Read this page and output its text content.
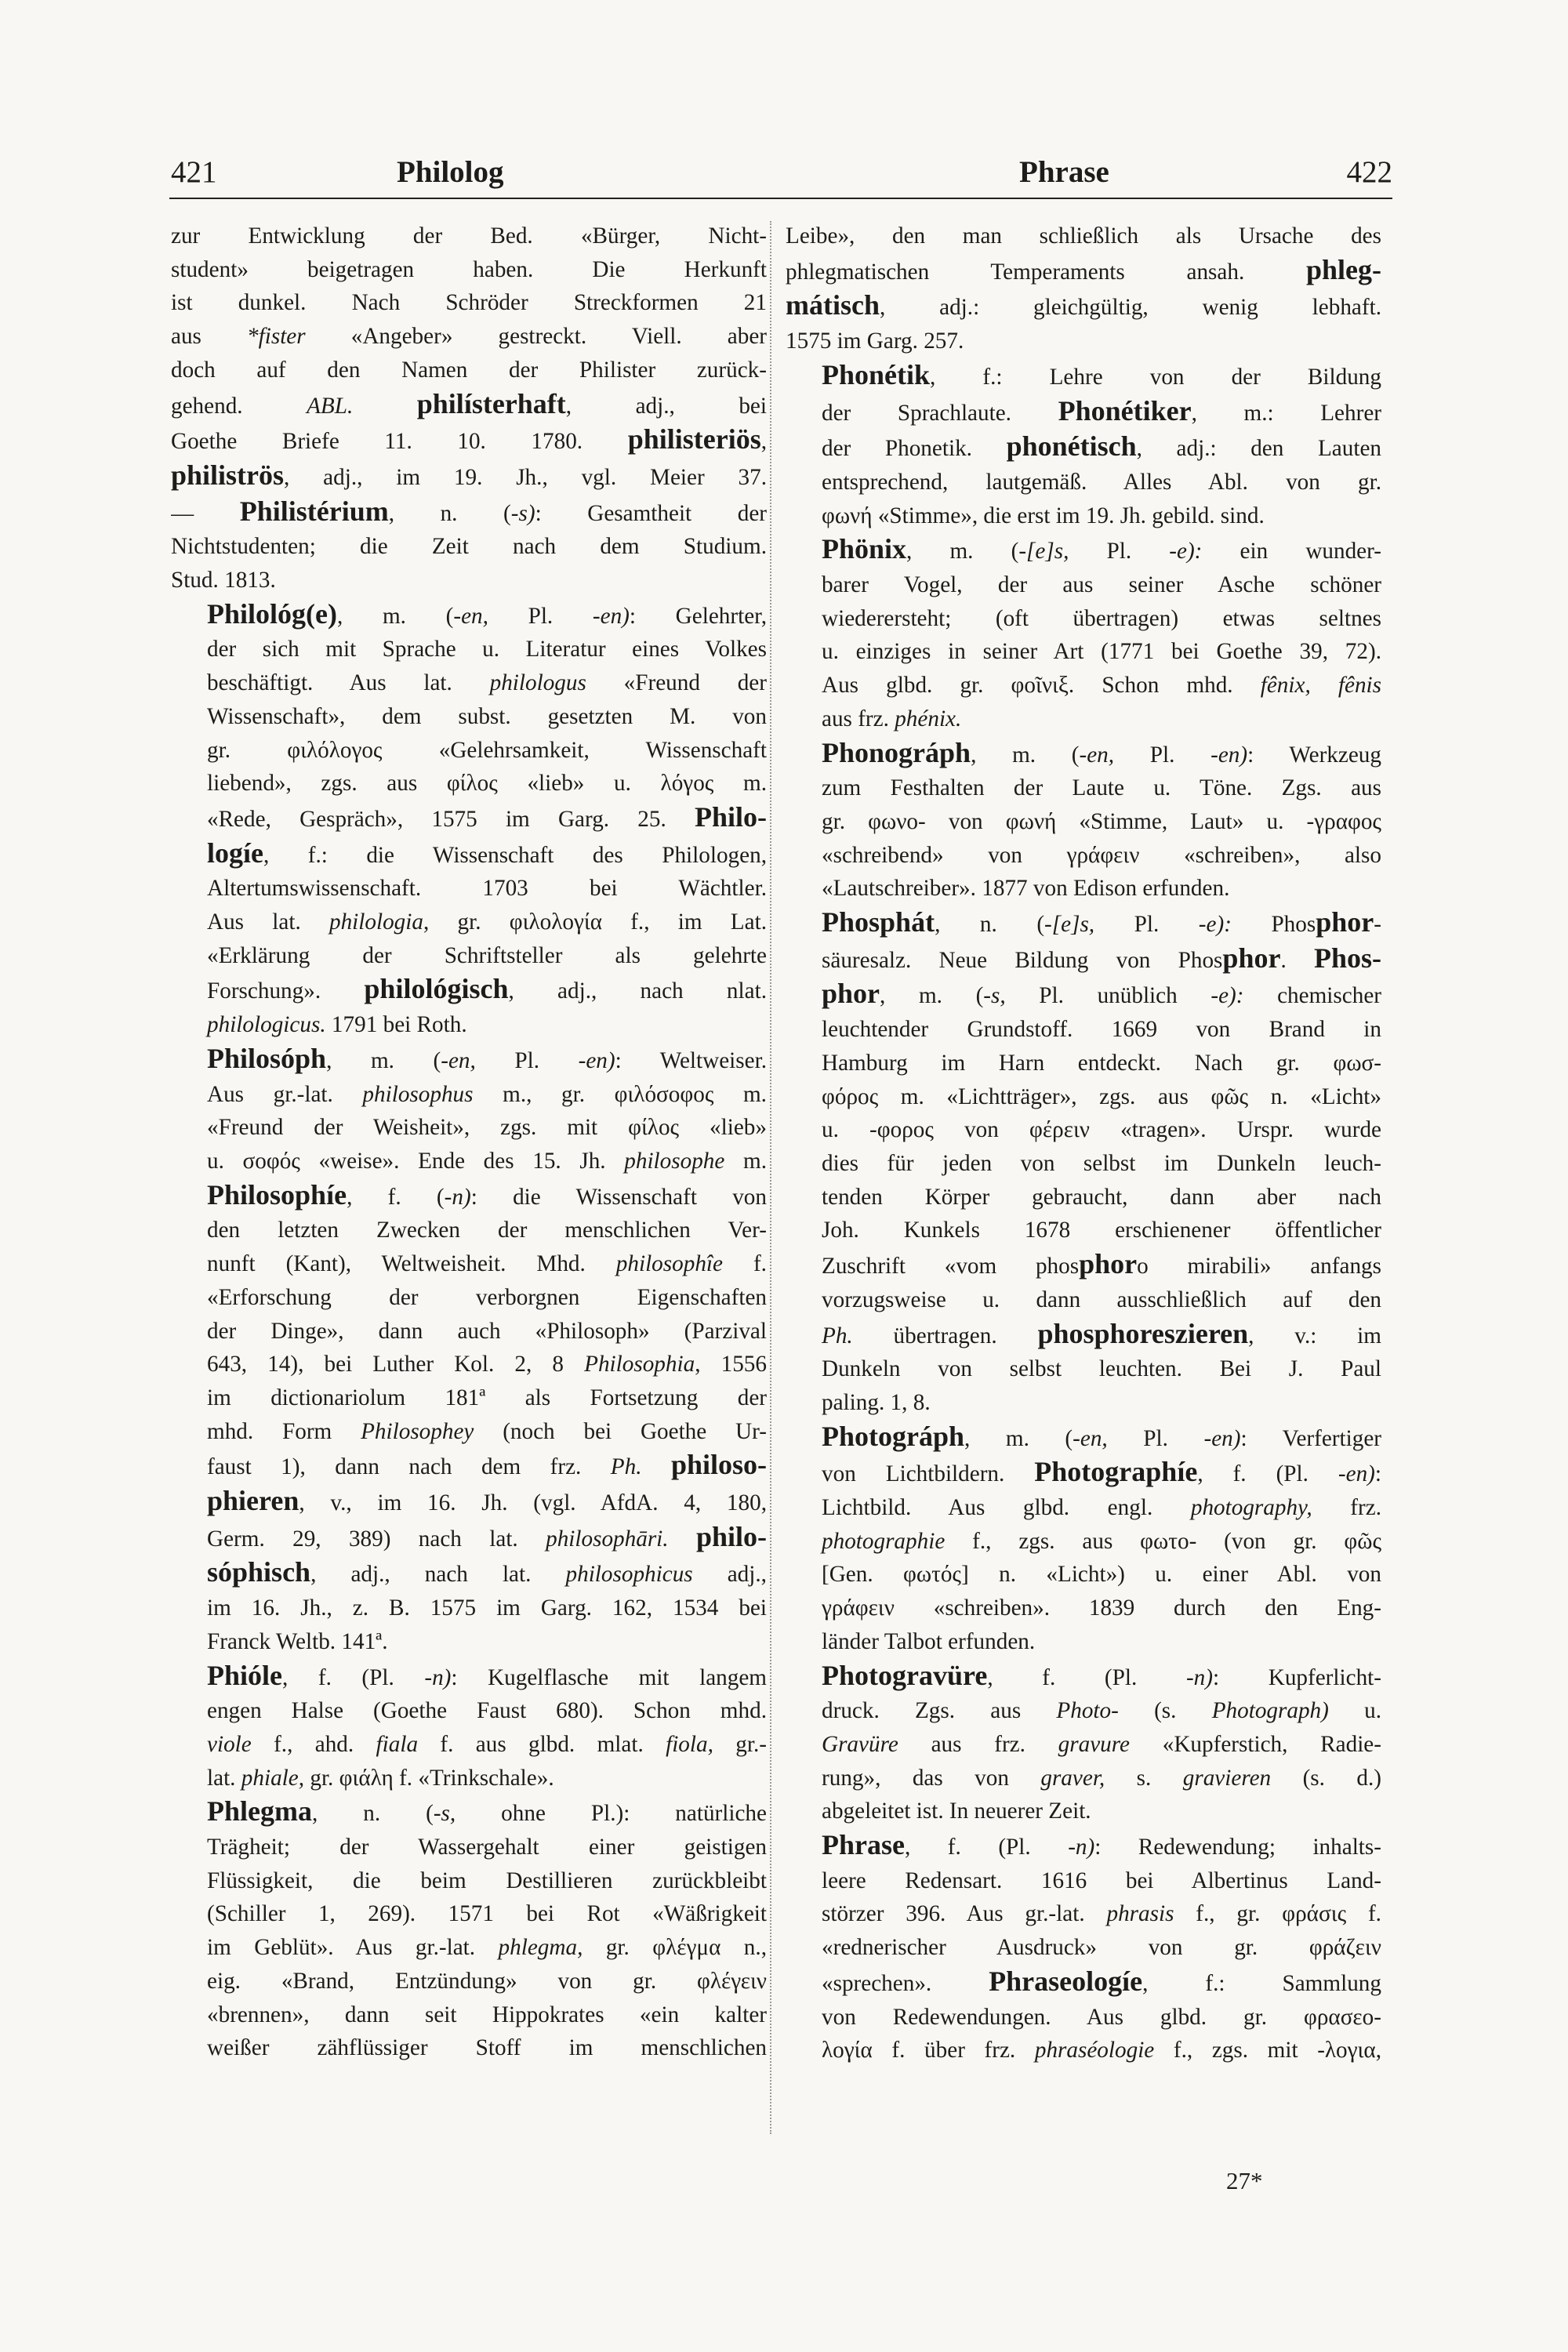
421	Philolog	Phrase	422

zur Entwicklung der Bed. «Bürger, Nicht-
student» beigetragen haben. Die Herkunft
ist dunkel. Nach Schröder Streckformen 21
aus *fister «Angeber» gestreckt. Viell. aber
doch auf den Namen der Philister zurück-
gehend. ABL. philísterhaft, adj., bei
Goethe Briefe 11. 10. 1780. philisteriös,
philiströs, adj., im 19. Jh., vgl. Meier 37.
— Philistérium, n. (-s): Gesamtheit der
Nichtstudenten; die Zeit nach dem Studium.
Stud. 1813.

Philológ(e), m. (-en, Pl. -en): Gelehrter,
der sich mit Sprache u. Literatur eines Volkes
beschäftigt. Aus lat. philologus «Freund der
Wissenschaft», dem subst. gesetzten M. von
gr. φιλόλογος «Gelehrsamkeit, Wissenschaft
liebend», zgs. aus φίλος «lieb» u. λόγος m.
«Rede, Gespräch», 1575 im Garg. 25. Philo-
logíe, f.: die Wissenschaft des Philologen,
Altertumswissenschaft. 1703 bei Wächtler.
Aus lat. philologia, gr. φιλολογία f., im Lat.
«Erklärung der Schriftsteller als gelehrte
Forschung». philológisch, adj., nach nlat.
philologicus. 1791 bei Roth.

Philosóph, m. (-en, Pl. -en): Weltweiser.
Aus gr.-lat. philosophus m., gr. φιλόσοφος m.
«Freund der Weisheit», zgs. mit φίλος «lieb»
u. σοφός «weise». Ende des 15. Jh. philosophe m.
Philosophíe, f. (-n): die Wissenschaft von
den letzten Zwecken der menschlichen Ver-
nunft (Kant), Weltweisheit. Mhd. philosophîe f.
«Erforschung der verborgnen Eigenschaften
der Dinge», dann auch «Philosoph» (Parzival
643, 14), bei Luther Kol. 2, 8 Philosophia, 1556
im dictionariolum 181ª als Fortsetzung der
mhd. Form Philosophey (noch bei Goethe Ur-
faust 1), dann nach dem frz. Ph. philoso-
phieren, v., im 16. Jh. (vgl. AfdA. 4, 180,
Germ. 29, 389) nach lat. philosophāri. philo-
sóphisch, adj., nach lat. philosophicus adj.,
im 16. Jh., z. B. 1575 im Garg. 162, 1534 bei
Franck Weltb. 141ª.

Phióle, f. (Pl. -n): Kugelflasche mit langem
engen Halse (Goethe Faust 680). Schon mhd.
viole f., ahd. fiala f. aus glbd. mlat. fiola, gr.-
lat. phiale, gr. φιάλη f. «Trinkschale».

Phlegma, n. (-s, ohne Pl.): natürliche
Trägheit; der Wassergehalt einer geistigen
Flüssigkeit, die beim Destillieren zurückbleibt
(Schiller 1, 269). 1571 bei Rot «Wäßrigkeit
im Geblüt». Aus gr.-lat. phlegma, gr. φλέγμα n.,
eig. «Brand, Entzündung» von gr. φλέγειν
«brennen», dann seit Hippokrates «ein kalter
weißer zähflüssiger Stoff im menschlichen

Leibe», den man schließlich als Ursache des
phlegmatischen Temperaments ansah. phleg-
mátisch, adj.: gleichgültig, wenig lebhaft.
1575 im Garg. 257.

Phonétik, f.: Lehre von der Bildung
der Sprachlaute. Phonétiker, m.: Lehrer
der Phonetik. phonétisch, adj.: den Lauten
entsprechend, lautgemäß. Alles Abl. von gr.
φωνή «Stimme», die erst im 19. Jh. gebild. sind.

Phönix, m. (-[e]s, Pl. -e): ein wunder-
barer Vogel, der aus seiner Asche schöner
wiederersteht; (oft übertragen) etwas seltnes
u. einziges in seiner Art (1771 bei Goethe 39, 72).
Aus glbd. gr. φοῖνιξ. Schon mhd. fênix, fênis
aus frz. phénix.

Phonográph, m. (-en, Pl. -en): Werkzeug
zum Festhalten der Laute u. Töne. Zgs. aus
gr. φωνο- von φωνή «Stimme, Laut» u. -γραφος
«schreibend» von γράφειν «schreiben», also
«Lautschreiber». 1877 von Edison erfunden.

Phosphát, n. (-[e]s, Pl. -e): Phosphor-
säuresalz. Neue Bildung von Phosphor. Phos-
phor, m. (-s, Pl. unüblich -e): chemischer
leuchtender Grundstoff. 1669 von Brand in
Hamburg im Harn entdeckt. Nach gr. φωσ-
φόρος m. «Lichtträger», zgs. aus φῶς n. «Licht»
u. -φορος von φέρειν «tragen». Urspr. wurde
dies für jeden von selbst im Dunkeln leuch-
tenden Körper gebraucht, dann aber nach
Joh. Kunkels 1678 erschienener öffentlicher
Zuschrift «vom phosphoro mirabili» anfangs
vorzugsweise u. dann ausschließlich auf den
Ph. übertragen. phosphoreszieren, v.: im
Dunkeln von selbst leuchten. Bei J. Paul
paling. 1, 8.

Photográph, m. (-en, Pl. -en): Verfertiger
von Lichtbildern. Photographíe, f. (Pl. -en):
Lichtbild. Aus glbd. engl. photography, frz.
photographie f., zgs. aus φωτο- (von gr. φῶς
[Gen. φωτός] n. «Licht») u. einer Abl. von
γράφειν «schreiben». 1839 durch den Eng-
länder Talbot erfunden.

Photogravüre, f. (Pl. -n): Kupferlicht-
druck. Zgs. aus Photo- (s. Photograph) u.
Gravüre aus frz. gravure «Kupferstich, Radie-
rung», das von graver, s. gravieren (s. d.)
abgeleitet ist. In neuerer Zeit.

Phrase, f. (Pl. -n): Redewendung; inhalts-
leere Redensart. 1616 bei Albertinus Land-
störzer 396. Aus gr.-lat. phrasis f., gr. φράσις f.
«rednerischer Ausdruck» von gr. φράζειν
«sprechen». Phraseologíe, f.: Sammlung
von Redewendungen. Aus glbd. gr. φρασεο-
λογία f. über frz. phraséologie f., zgs. mit -λογια,

27*
